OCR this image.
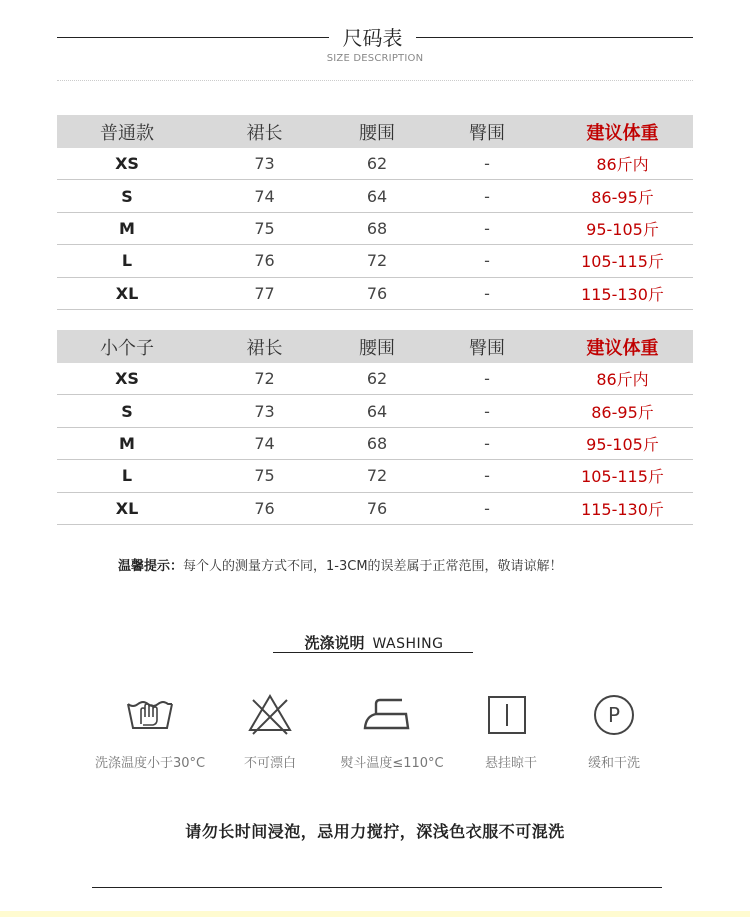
尺码表
SIZE DESCRIPTION
普通款	裙长	腰围	臀围	建议体重
XS	73	62	-	86斤内
S	74	64	-	86-95斤
M	75	68	-	95-105斤
L	76	72	-	105-115斤
XL	77	76	-	115-130斤
小个子	裙长	腰围	臀围	建议体重
XS	72	62	-	86斤内
S	73	64	-	86-95斤
M	74	68	-	95-105斤
L	75	72	-	105-115斤
XL	76	76	-	115-130斤
温馨提示：每个人的测量方式不同，1-3CM的误差属于正常范围，敬请谅解！
洗涤说明 WASHING
洗涤温度小于30°C	不可漂白	熨斗温度≤110°C	悬挂晾干
P
缓和干洗
请勿长时间浸泡，忌用力搅拧，深浅色衣服不可混洗
